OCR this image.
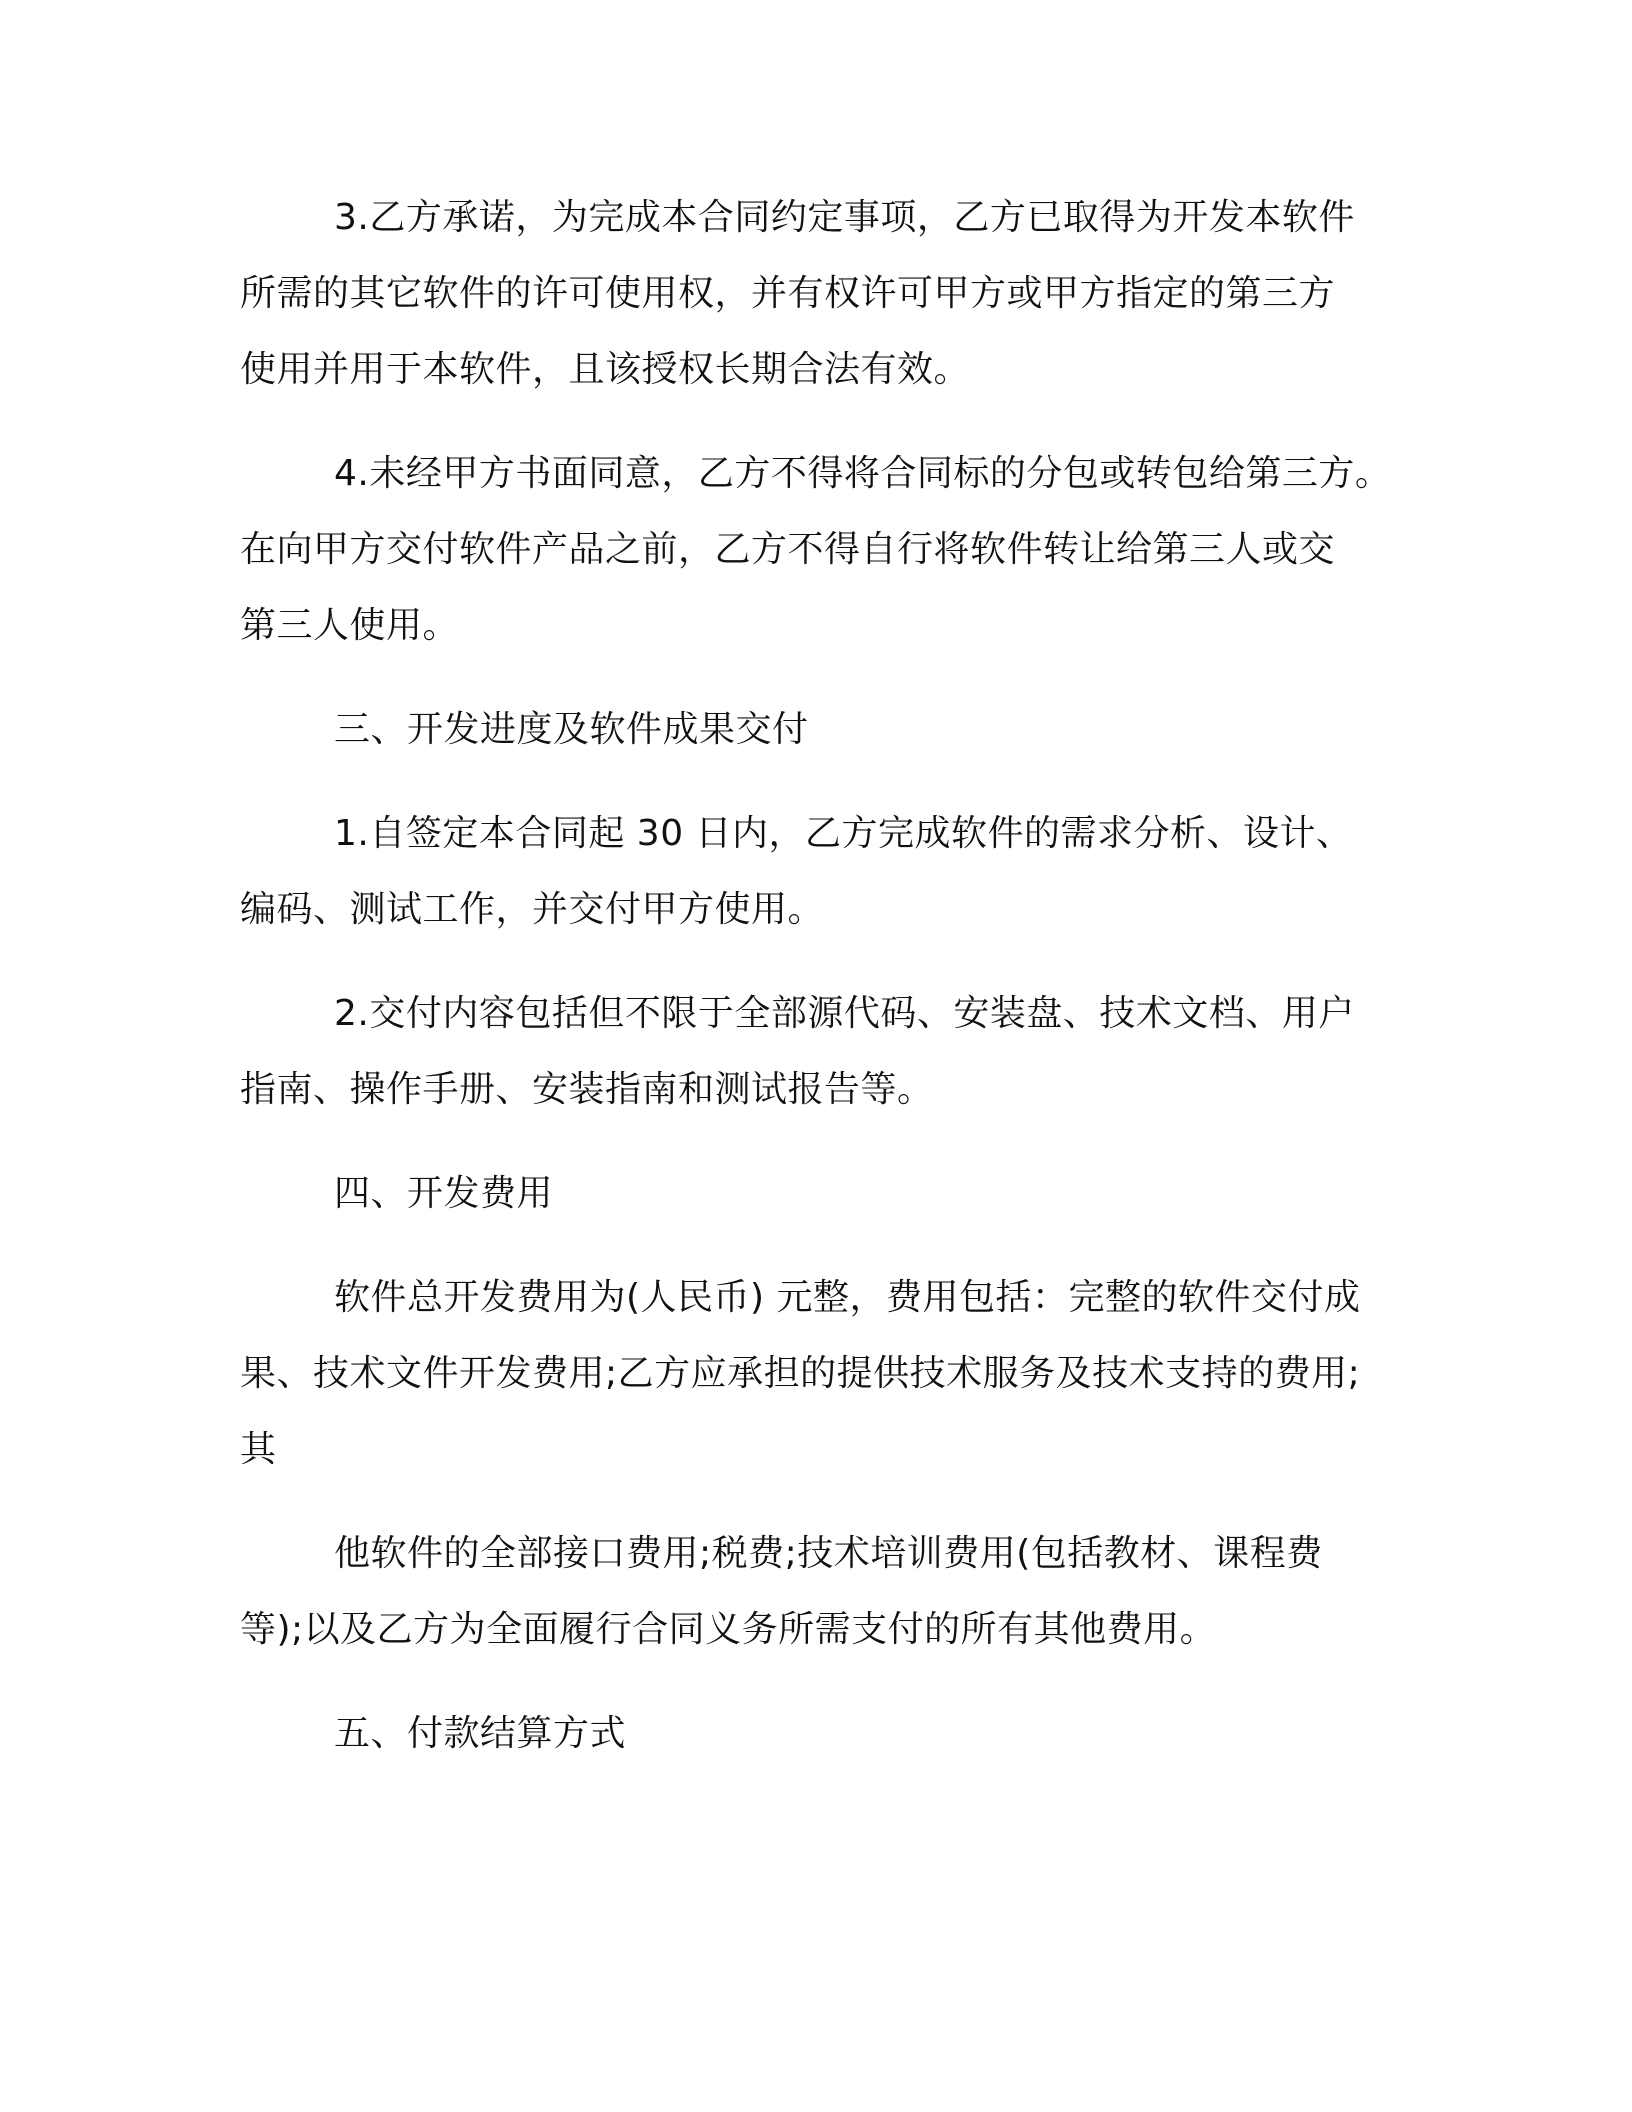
3.乙方承诺，为完成本合同约定事项，乙方已取得为开发本软件
所需的其它软件的许可使用权，并有权许可甲方或甲方指定的第三方
使用并用于本软件，且该授权长期合法有效。
4.未经甲方书面同意，乙方不得将合同标的分包或转包给第三方。
在向甲方交付软件产品之前，乙方不得自行将软件转让给第三人或交
第三人使用。
三、开发进度及软件成果交付
1.自签定本合同起 30 日内，乙方完成软件的需求分析、设计、
编码、测试工作，并交付甲方使用。
2.交付内容包括但不限于全部源代码、安装盘、技术文档、用户
指南、操作手册、安装指南和测试报告等。
四、开发费用
软件总开发费用为(人民币) 元整，费用包括：完整的软件交付成
果、技术文件开发费用;乙方应承担的提供技术服务及技术支持的费用;
其
他软件的全部接口费用;税费;技术培训费用(包括教材、课程费
等);以及乙方为全面履行合同义务所需支付的所有其他费用。
五、付款结算方式
